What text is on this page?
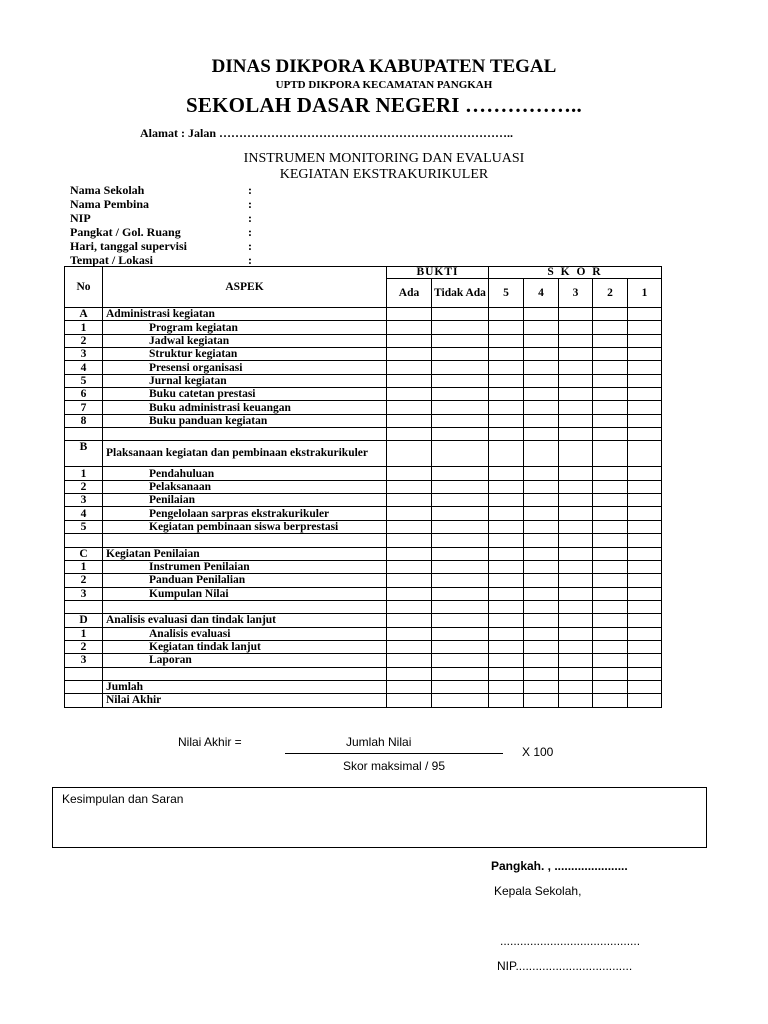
DINAS DIKPORA KABUPATEN TEGAL
UPTD DIKPORA KECAMATAN PANGKAH
SEKOLAH DASAR NEGERI ……………..
Alamat : Jalan ………………………………………………………………..
INSTRUMEN MONITORING DAN EVALUASI
KEGIATAN EKSTRAKURIKULER
Nama Sekolah	:
Nama Pembina	:
NIP	:
Pangkat / Gol. Ruang	:
Hari, tanggal supervisi	:
Tempat / Lokasi	:
No	ASPEK	BUKTI		S K O R				
		Ada	Tidak Ada	5	4	3	2	1
A	Administrasi kegiatan							
1	Program kegiatan							
2	Jadwal kegiatan							
3	Struktur kegiatan							
4	Presensi organisasi							
5	Jurnal kegiatan							
6	Buku catetan prestasi							
7	Buku administrasi keuangan							
8	Buku panduan kegiatan							

B	Plaksanaan kegiatan dan pembinaan ekstrakurikuler							
1	Pendahuluan							
2	Pelaksanaan							
3	Penilaian							
4	Pengelolaan sarpras ekstrakurikuler							
5	Kegiatan pembinaan siswa berprestasi							

C	Kegiatan Penilaian							
1	Instrumen Penilaian							
2	Panduan Penilalian							
3	Kumpulan Nilai							

D	Analisis evaluasi dan tindak lanjut							
1	Analisis evaluasi							
2	Kegiatan tindak lanjut							
3	Laporan							

	Jumlah							
	Nilai Akhir							
Nilai Akhir =	Jumlah Nilai
Skor maksimal / 95
X 100
Kesimpulan dan Saran
Pangkah. , ......................
Kepala Sekolah,
..........................................
NIP...................................
